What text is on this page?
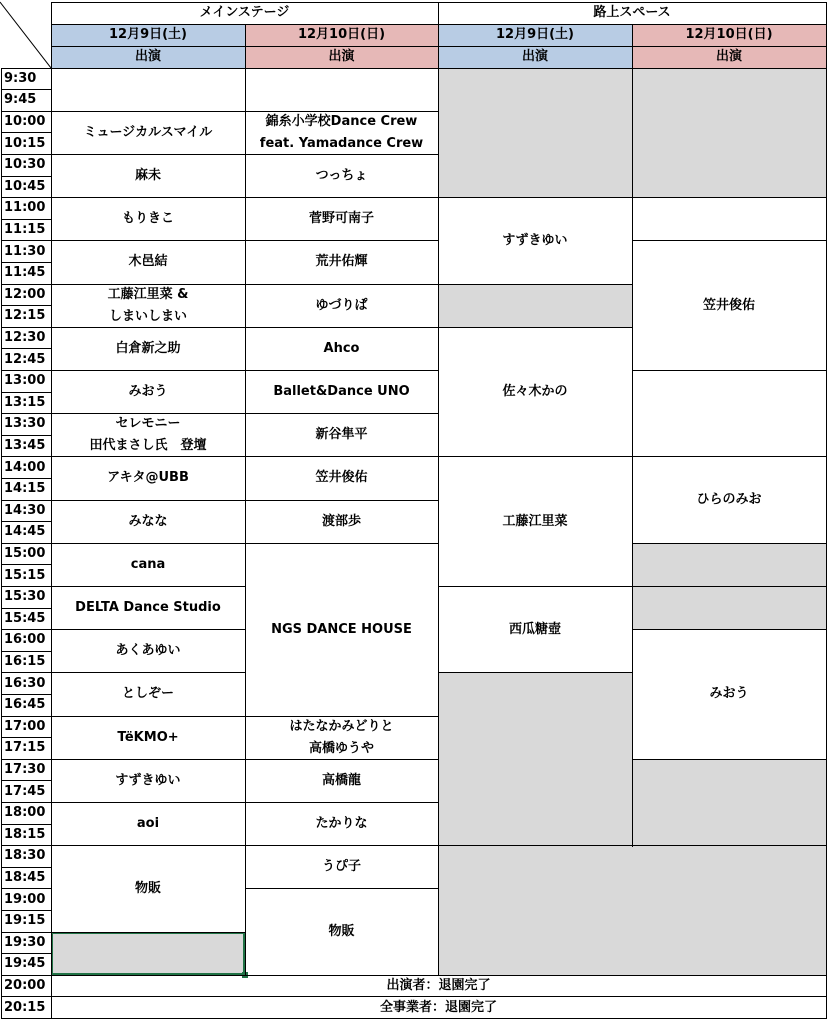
メインステージ	路上スペース
12月9日(土)
出演
12月10日(日)
出演
12月9日(土)
出演
12月10日(日)
出演
9:30
9:45
10:00
10:15
10:30
10:45
11:00
11:15
11:30
11:45
12:00
12:15
12:30
12:45
13:00
13:15
13:30
13:45
14:00
14:15
14:30
14:45
15:00
15:15
15:30
15:45
16:00
16:15
16:30
16:45
17:00
17:15
17:30
17:45
18:00
18:15
18:30
18:45
19:00
19:15
19:30
19:45
20:00
20:15
ミュージカルスマイル
麻未
もりきこ
木邑結
工藤江里菜 &
しまいしまい
白倉新之助
みおう
セレモニー
田代まさし氏　登壇
アキタ@UBB
みなな
cana
DELTA Dance Studio
あくあゆい
としぞー
TëKMO+
すずきゆい
aoi
物販
錦糸小学校Dance Crew
feat. Yamadance Crew
つっちょ
菅野可南子
荒井佑輝
ゆづりぱ
Ahco
Ballet&Dance UNO
新谷隼平
笠井俊佑
渡部歩
NGS DANCE HOUSE
はたなかみどりと
高橋ゆうや
高橋龍
たかりな
うぴ子
物販
すずきゆい
佐々木かの
工藤江里菜
西瓜糖壺
笠井俊佑
ひらのみお
みおう
出演者：退園完了
全事業者：退園完了
